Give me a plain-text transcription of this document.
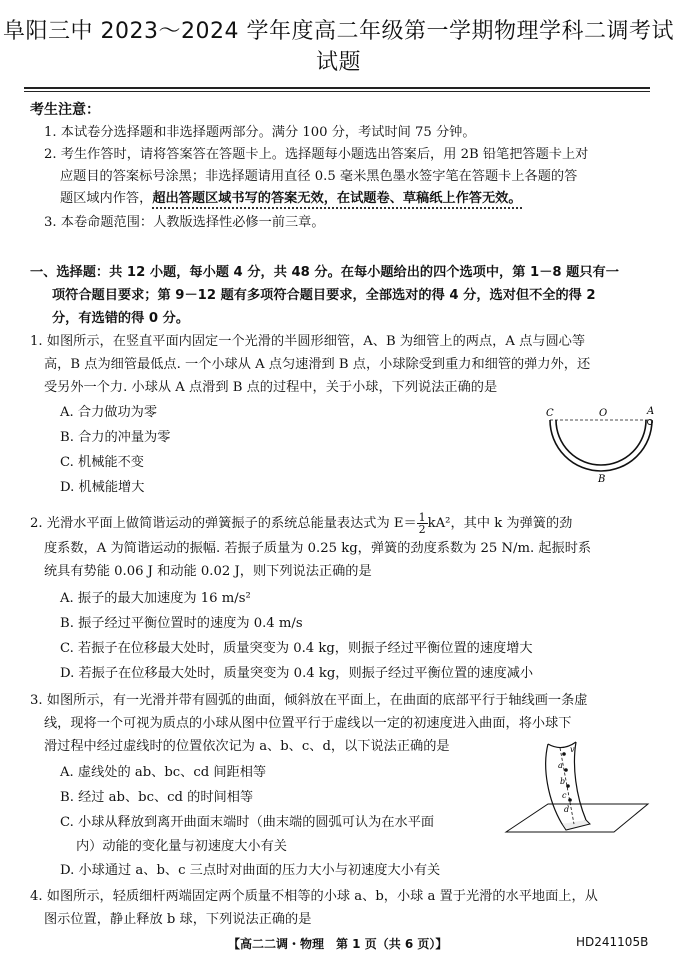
阜阳三中 2023～2024 学年度高二年级第一学期物理学科二调考试试题
考生注意：
1. 本试卷分选择题和非选择题两部分。满分 100 分，考试时间 75 分钟。
2. 考生作答时，请将答案答在答题卡上。选择题每小题选出答案后，用 2B 铅笔把答题卡上对
应题目的答案标号涂黑；非选择题请用直径 0.5 毫米黑色墨水签字笔在答题卡上各题的答
题区域内作答，超出答题区域书写的答案无效，在试题卷、草稿纸上作答无效。
3. 本卷命题范围：人教版选择性必修一前三章。
一、选择题：共 12 小题，每小题 4 分，共 48 分。在每小题给出的四个选项中，第 1－8 题只有一
项符合题目要求；第 9－12 题有多项符合题目要求，全部选对的得 4 分，选对但不全的得 2
分，有选错的得 0 分。
1. 如图所示，在竖直平面内固定一个光滑的半圆形细管，A、B 为细管上的两点，A 点与圆心等
高，B 点为细管最低点. 一个小球从 A 点匀速滑到 B 点，小球除受到重力和细管的弹力外，还
受另外一个力. 小球从 A 点滑到 B 点的过程中，关于小球，下列说法正确的是
A. 合力做功为零
B. 合力的冲量为零
C. 机械能不变
D. 机械能增大
C	O	A
B
2. 光滑水平面上做简谐运动的弹簧振子的系统总能量表达式为 $E= \frac{1}{2} kA^2$，其中 k 为弹簧的劲
度系数，A 为简谐运动的振幅. 若振子质量为 0.25 kg，弹簧的劲度系数为 25 N/m. 起振时系
统具有势能 0.06 J 和动能 0.02 J，则下列说法正确的是
A. 振子的最大加速度为 16 m/s²
B. 振子经过平衡位置时的速度为 0.4 m/s
C. 若振子在位移最大处时，质量突变为 0.4 kg，则振子经过平衡位置的速度增大
D. 若振子在位移最大处时，质量突变为 0.4 kg，则振子经过平衡位置的速度减小
3. 如图所示，有一光滑并带有圆弧的曲面，倾斜放在平面上，在曲面的底部平行于轴线画一条虚
线，现将一个可视为质点的小球从图中位置平行于虚线以一定的初速度进入曲面，将小球下
滑过程中经过虚线时的位置依次记为 a、b、c、d，以下说法正确的是
A. 虚线处的 ab、bc、cd 间距相等
B. 经过 ab、bc、cd 的时间相等
C. 小球从释放到离开曲面末端时（曲末端的圆弧可认为在水平面
内）动能的变化量与初速度大小有关
D. 小球通过 a、b、c 三点时对曲面的压力大小与初速度大小有关
v
a
b
c
d
4. 如图所示，轻质细杆两端固定两个质量不相等的小球 a、b，小球 a 置于光滑的水平地面上，从
图示位置，静止释放 b 球，下列说法正确的是
【高二二调・物理　第 1 页（共 6 页）】	HD241105B
